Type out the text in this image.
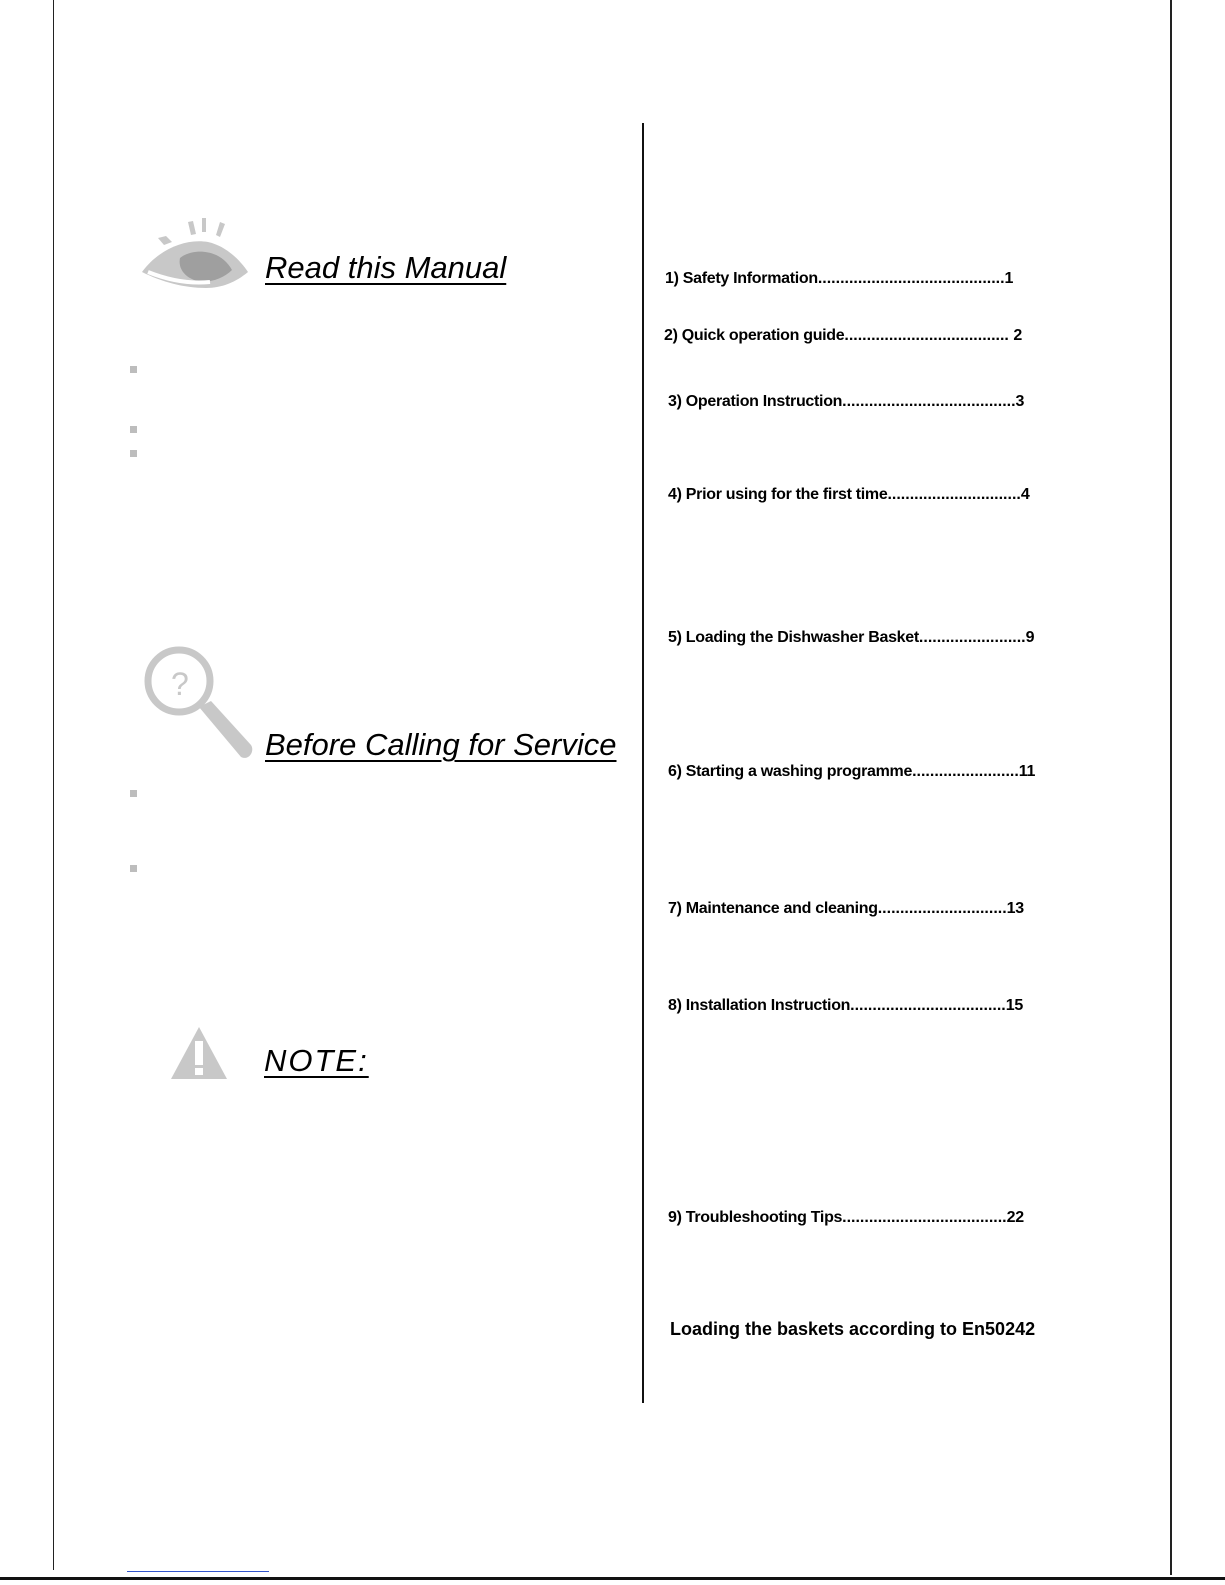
Read this Manual
?
Before Calling for Service
NOTE:
1) Safety Information..........................................1
2) Quick operation guide..................................... 2
3) Operation Instruction.......................................3
4) Prior using for the first time..............................4
5) Loading the Dishwasher Basket........................9
6) Starting a washing programme........................11
7) Maintenance and cleaning.............................13
8) Installation Instruction...................................15
9) Troubleshooting Tips.....................................22
Loading the baskets according to En50242
